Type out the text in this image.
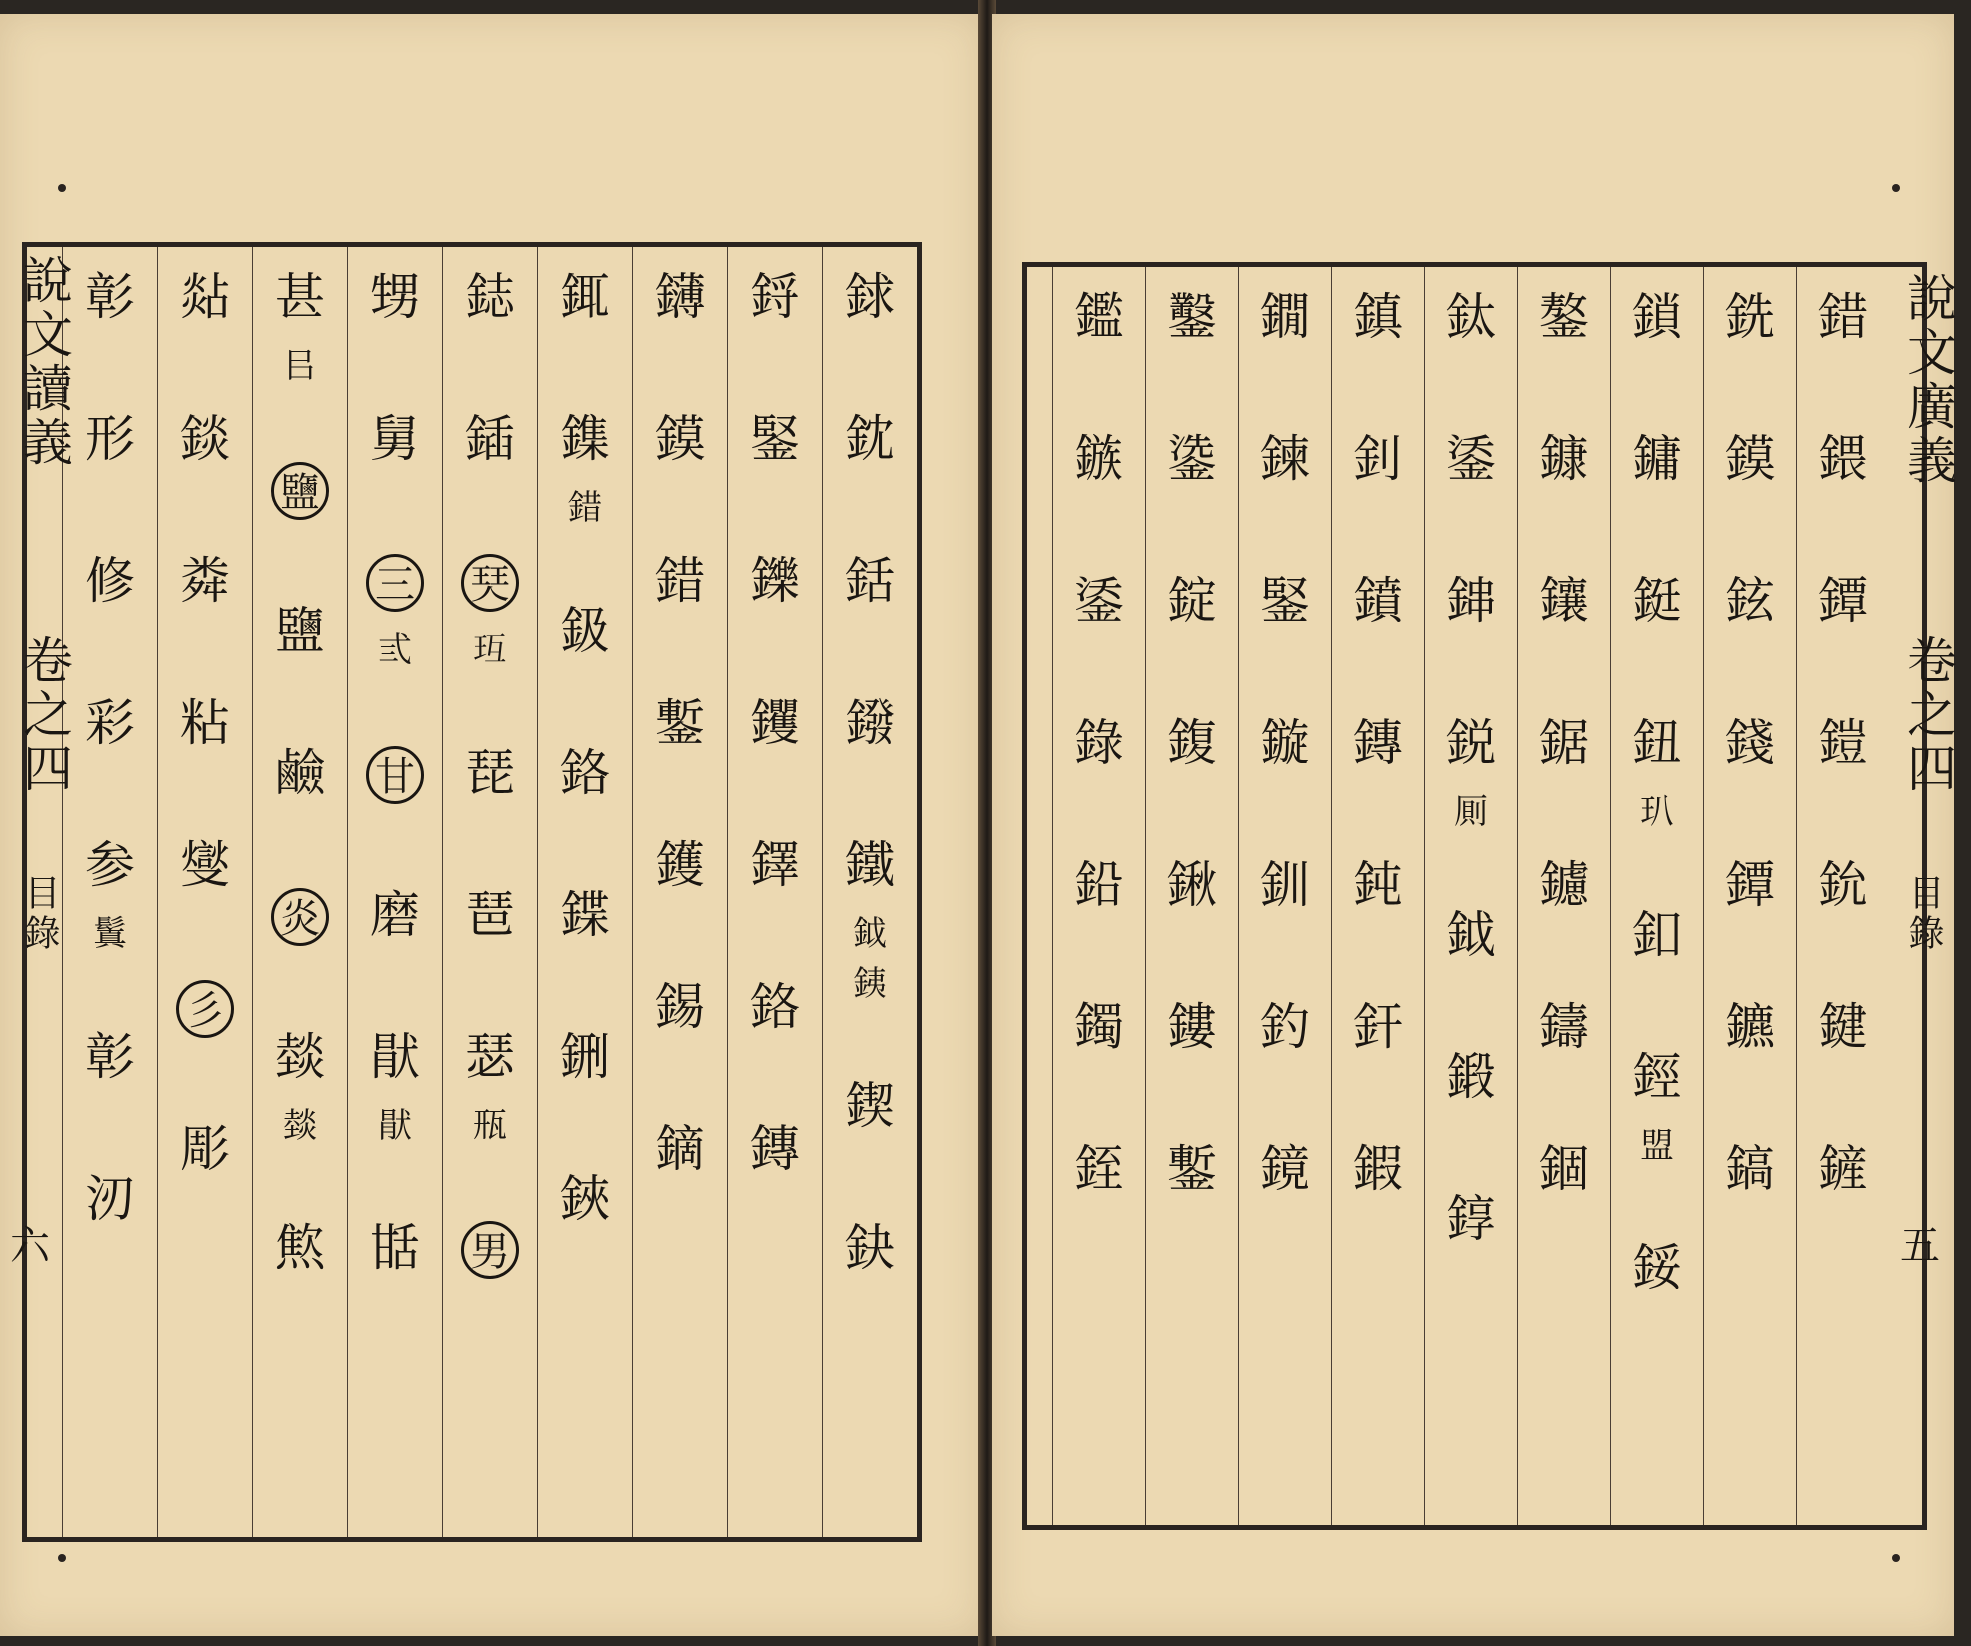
銶
鈂
銛
鏺
鐵
鉞
銕
鍥
鈌
鋝
鋻
鑠
钁
鐸
鉻
鏄
鑮
鏌
錯
鏨
鑊
錫
鏑
銸
鏶
錯
鈒
鉻
鍱
鉶
鋏
鋕
鍤
珡
𤤈
琵
琶
瑟
㼛
男
甥
舅
三
弎
甘
磨
猒
猒
甛
甚
㠯
鹽
鹽
鹼
炎
燅
燅
燞
煔
錟
粦
粘
燮
彡
彫
彰
形
修
彩
参
鬒
彰
㲽
說文讀義
卷之四
目錄
六
錯
鍡
鐔
鎧
鈗
鍵
鏟
銑
鏌
鉉
錢
鐔
鑣
鎬
鎖
鏞
鋌
鈕
玐
釦
鋞
盟
鋖
鏊
鏮
鑲
鋸
鑢
鑄
錮
鈦
鋈
鋛
鋭
厠
鉞
鍛
錞
鎮
釗
鐼
鏄
鈍
釬
鍜
鐗
鍊
鋻
鏇
釧
釣
鏡
鑿
鍌
錠
鍑
鍬
鏤
鏨
鑑
鏃
鋈
錄
鉛
鐲
銍
說文廣義
卷之四
目錄
五
